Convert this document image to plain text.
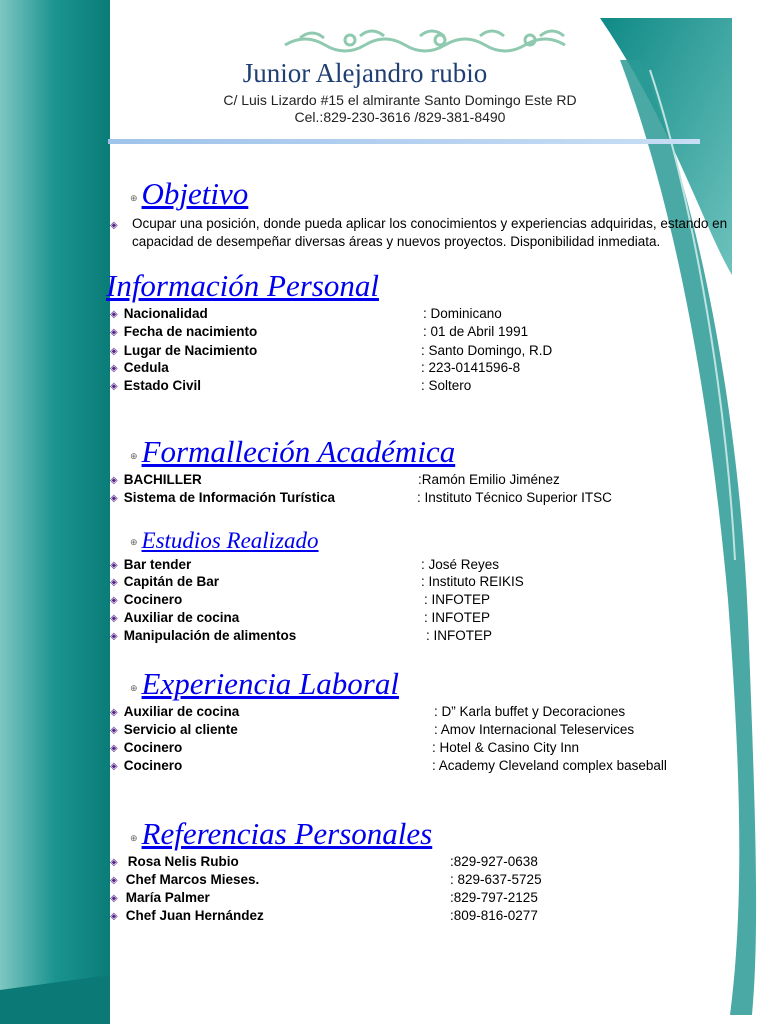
Junior Alejandro rubio
C/ Luis Lizardo #15 el almirante Santo Domingo Este RD
Cel.:829-230-3616 /829-381-8490
⊕ Objetivo
◈ Ocupar una posición, donde pueda aplicar los conocimientos y experiencias adquiridas, estando en capacidad de desempeñar diversas áreas y nuevos proyectos. Disponibilidad inmediata.
Información Personal
◈ Nacionalidad	: Dominicano
◈ Fecha de nacimiento	: 01 de Abril 1991
◈ Lugar de Nacimiento	: Santo Domingo, R.D
◈ Cedula	: 223-0141596-8
◈ Estado Civil	: Soltero
⊕ Formalleción Académica
◈ BACHILLER	:Ramón Emilio Jiménez
◈ Sistema de Información Turística	: Instituto Técnico Superior ITSC
⊕ Estudios Realizado
◈ Bar tender	: José Reyes
◈ Capitán de Bar	: Instituto REIKIS
◈ Cocinero	: INFOTEP
◈ Auxiliar de cocina	: INFOTEP
◈ Manipulación de alimentos	: INFOTEP
⊕ Experiencia Laboral
◈ Auxiliar de cocina	: D” Karla buffet y Decoraciones
◈ Servicio al cliente	: Amov Internacional Teleservices
◈ Cocinero	: Hotel & Casino City Inn
◈ Cocinero	: Academy Cleveland complex baseball
⊕ Referencias Personales
◈ Rosa Nelis Rubio	:829-927-0638
◈ Chef Marcos Mieses.	: 829-637-5725
◈ María Palmer	:829-797-2125
◈ Chef Juan Hernández	:809-816-0277
